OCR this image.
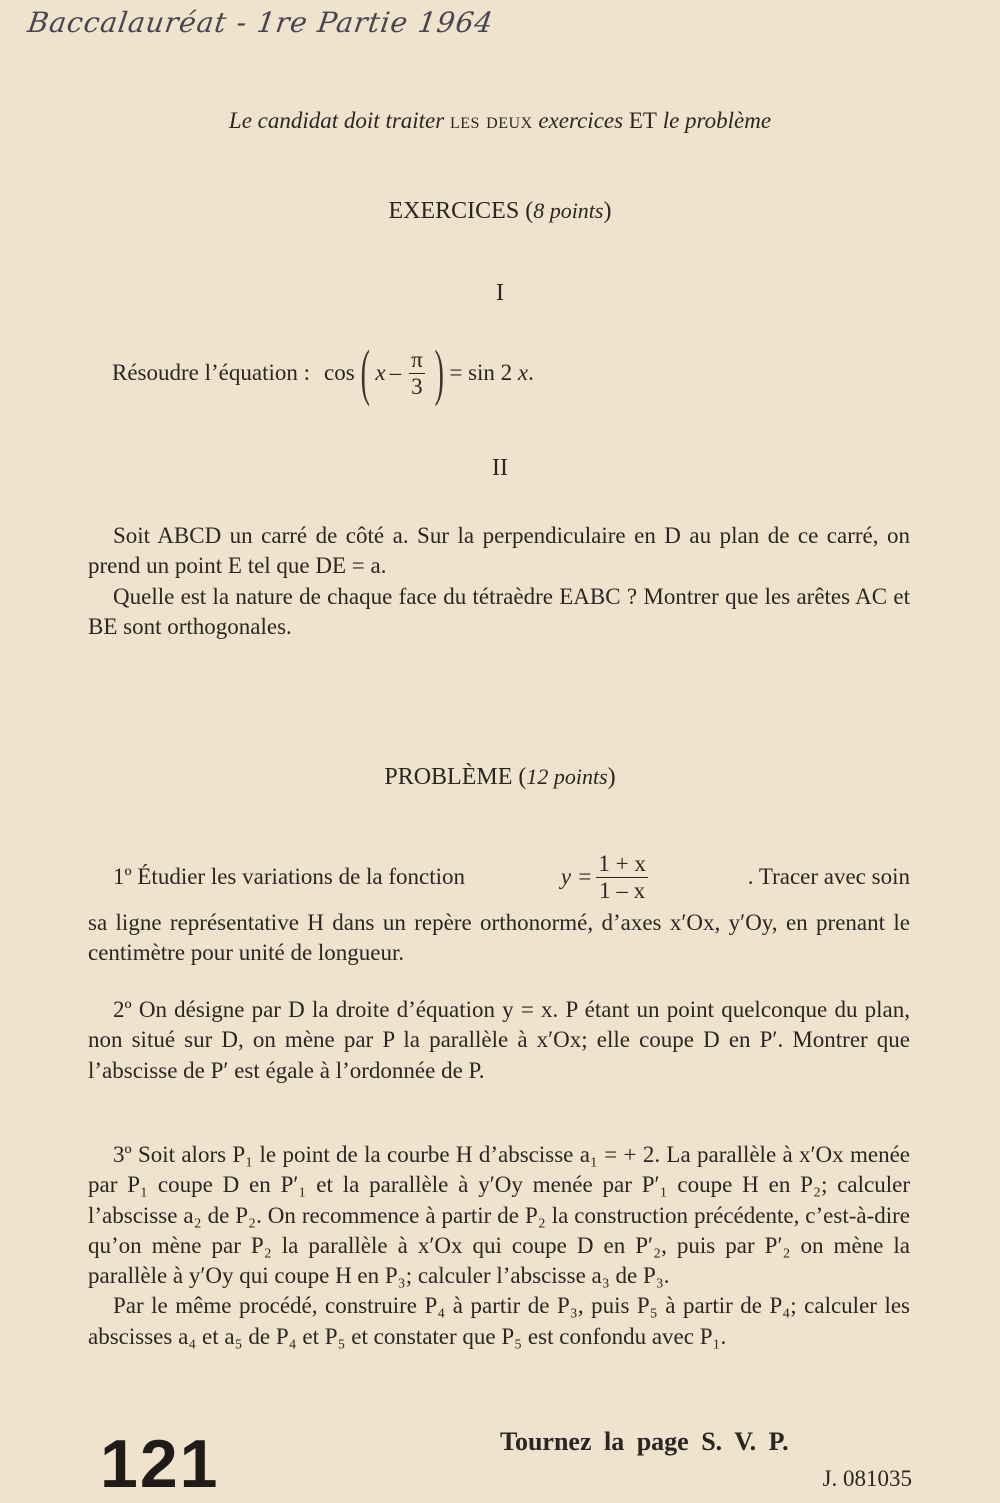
Baccalauréat - 1re Partie 1964
Le candidat doit traiter les deux exercices ET le problème
EXERCICES (8 points)
I
Résoudre l’équation : cos ( x – $\frac{\pi}{3}$ ) = sin 2
x .
II

Soit ABCD un carré de côté a. Sur la perpendiculaire en D au plan de ce carré, on prend un point E tel que DE = a.

Quelle est la nature de chaque face du tétraèdre EABC ? Montrer que les arêtes AC et BE sont orthogonales.

PROBLÈME (12 points)
1º Étudier les variations de la fonction	$y = \frac{1 + x}{1 - x}$	. Tracer avec soin

sa ligne représentative H dans un repère orthonormé, d’axes x′Ox, y′Oy, en prenant le centimètre pour unité de longueur.

2º On désigne par D la droite d’équation y = x. P étant un point quelconque du plan, non situé sur D, on mène par P la parallèle à x′Ox; elle coupe D en P′. Montrer que l’abscisse de P′ est égale à l’ordonnée de P.

3º Soit alors P₁ le point de la courbe H d’abscisse a₁ = + 2. La parallèle à x′Ox menée par P₁ coupe D en P′₁ et la parallèle à y′Oy menée par P′₁ coupe H en P₂; calculer l’abscisse a₂ de P₂. On recommence à partir de P₂ la construction précédente, c’est-à-dire qu’on mène par P₂ la parallèle à x′Ox qui coupe D en P′₂, puis par P′₂ on mène la parallèle à y′Oy qui coupe H en P₃; calculer l’abscisse a₃ de P₃.

Par le même procédé, construire P₄ à partir de P₃, puis P₅ à partir de P₄; calculer les abscisses a₄ et a₅ de P₄ et P₅ et constater que P₅ est confondu avec P₁.

121	Tournez la page S. V. P.
J. 081035
